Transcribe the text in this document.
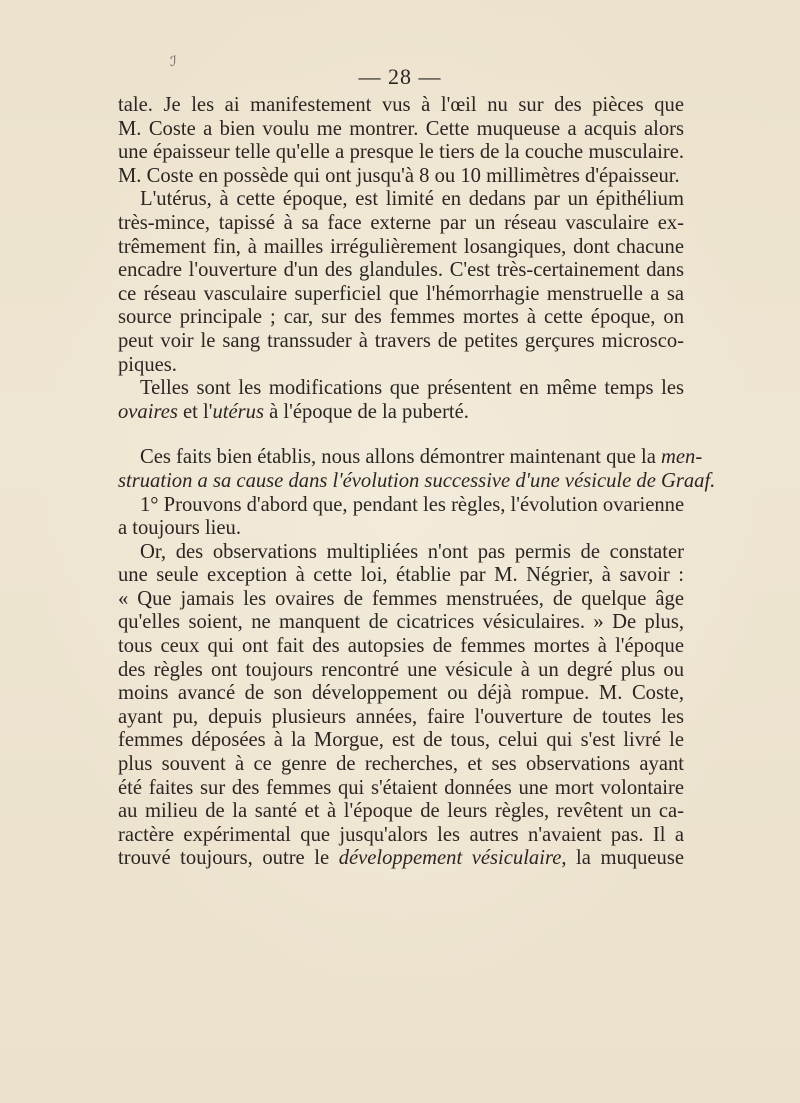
ℐ
— 28 —
tale. Je les ai manifestement vus à l'œil nu sur des pièces que
M. Coste a bien voulu me montrer. Cette muqueuse a acquis alors
une épaisseur telle qu'elle a presque le tiers de la couche musculaire.
M. Coste en possède qui ont jusqu'à 8 ou 10 millimètres d'épaisseur.
L'utérus, à cette époque, est limité en dedans par un épithélium
très-mince, tapissé à sa face externe par un réseau vasculaire ex-
trêmement fin, à mailles irrégulièrement losangiques, dont chacune
encadre l'ouverture d'un des glandules. C'est très-certainement dans
ce réseau vasculaire superficiel que l'hémorrhagie menstruelle a sa
source principale ; car, sur des femmes mortes à cette époque, on
peut voir le sang transsuder à travers de petites gerçures microsco-
piques.
Telles sont les modifications que présentent en même temps les
ovaires et l'utérus à l'époque de la puberté.
Ces faits bien établis, nous allons démontrer maintenant que la men-
struation a sa cause dans l'évolution successive d'une vésicule de Graaf.
1° Prouvons d'abord que, pendant les règles, l'évolution ovarienne
a toujours lieu.
Or, des observations multipliées n'ont pas permis de constater
une seule exception à cette loi, établie par M. Négrier, à savoir :
« Que jamais les ovaires de femmes menstruées, de quelque âge
qu'elles soient, ne manquent de cicatrices vésiculaires. » De plus,
tous ceux qui ont fait des autopsies de femmes mortes à l'époque
des règles ont toujours rencontré une vésicule à un degré plus ou
moins avancé de son développement ou déjà rompue. M. Coste,
ayant pu, depuis plusieurs années, faire l'ouverture de toutes les
femmes déposées à la Morgue, est de tous, celui qui s'est livré le
plus souvent à ce genre de recherches, et ses observations ayant
été faites sur des femmes qui s'étaient données une mort volontaire
au milieu de la santé et à l'époque de leurs règles, revêtent un ca-
ractère expérimental que jusqu'alors les autres n'avaient pas. Il a
trouvé toujours, outre le développement vésiculaire, la muqueuse
